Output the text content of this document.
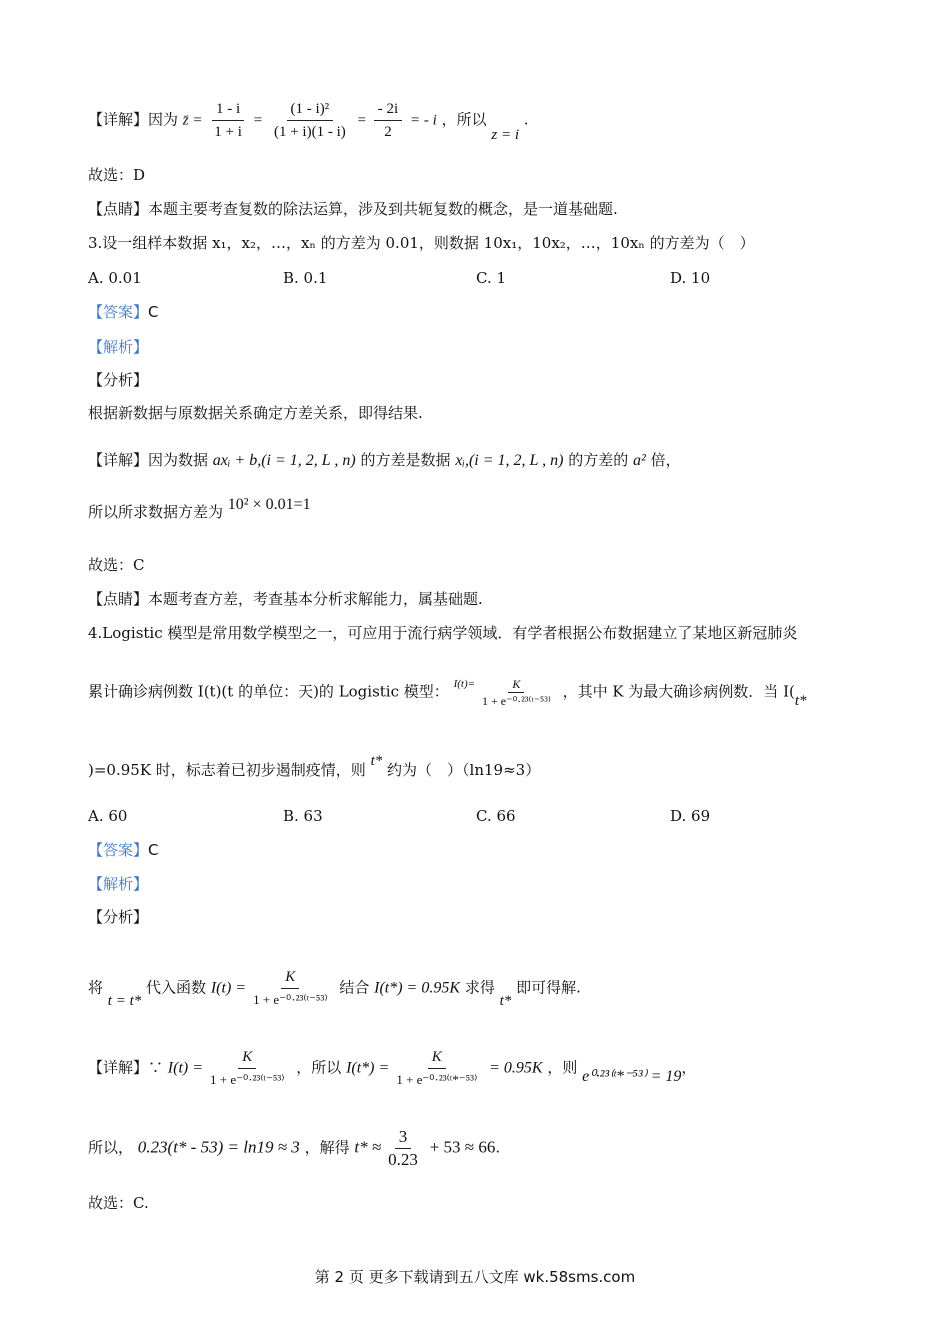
【详解】因为 z̄ = $\frac{1 - i}{1 + i} = \frac{\text{(1 - i)²}}{(1 + i)(1 - i)} = \frac{- 2i}{2}$ = - i ，所以 z = i .
故选：D
【点睛】本题主要考查复数的除法运算，涉及到共轭复数的概念，是一道基础题.
3.设一组样本数据 x₁，x₂，…，xₙ 的方差为 0.01，则数据 10x₁，10x₂，…，10xₙ 的方差为（　）
A. 0.01	B. 0.1	C. 1	D. 10
【答案】C
【解析】
【分析】
根据新数据与原数据关系确定方差关系，即得结果.
【详解】因为数据 axᵢ + b,(i = 1, 2, L , n) 的方差是数据 xᵢ,(i = 1, 2, L , n) 的方差的 a² 倍，
所以所求数据方差为 10² × 0.01=1
故选：C
【点睛】本题考查方差，考查基本分析求解能力，属基础题.
4.Logistic 模型是常用数学模型之一，可应用于流行病学领域．有学者根据公布数据建立了某地区新冠肺炎
累计确诊病例数 I(t)(t 的单位：天)的 Logistic 模型： $^{I(t)=} \frac{K}{\text{1 + e⁻⁰·²³⁽ᵗ⁻⁵³⁾}}$ ，其中 K 为最大确诊病例数．当 I(t*
)=0.95K 时，标志着已初步遏制疫情，则 t* 约为（　）（ln19≈3）
A. 60	B. 63	C. 66	D. 69
【答案】C
【解析】
【分析】
将 t = t* 代入函数 $I(t) = \frac{K}{\text{1 + e⁻⁰·²³⁽ᵗ⁻⁵³⁾}}$ 结合 I(t*) = 0.95K 求得 t* 即可得解.
【详解】∵ $I(t) = \frac{K}{\text{1 + e⁻⁰·²³⁽ᵗ⁻⁵³⁾}}$ ，所以 $I(t*) = \frac{K}{\text{1 + e⁻⁰·²³⁽ᵗ*⁻⁵³⁾}} = 0.95K$ ，则 e⁰·²³⁽ᵗ*⁻⁵³⁾ = 19，
所以， 0.23(t* - 53) = ln19 ≈ 3 ，解得 $t* \approx \frac{3}{0.23} + 53 \approx 66$.
故选：C.
第 2 页 更多下载请到五八文库 wk.58sms.com
